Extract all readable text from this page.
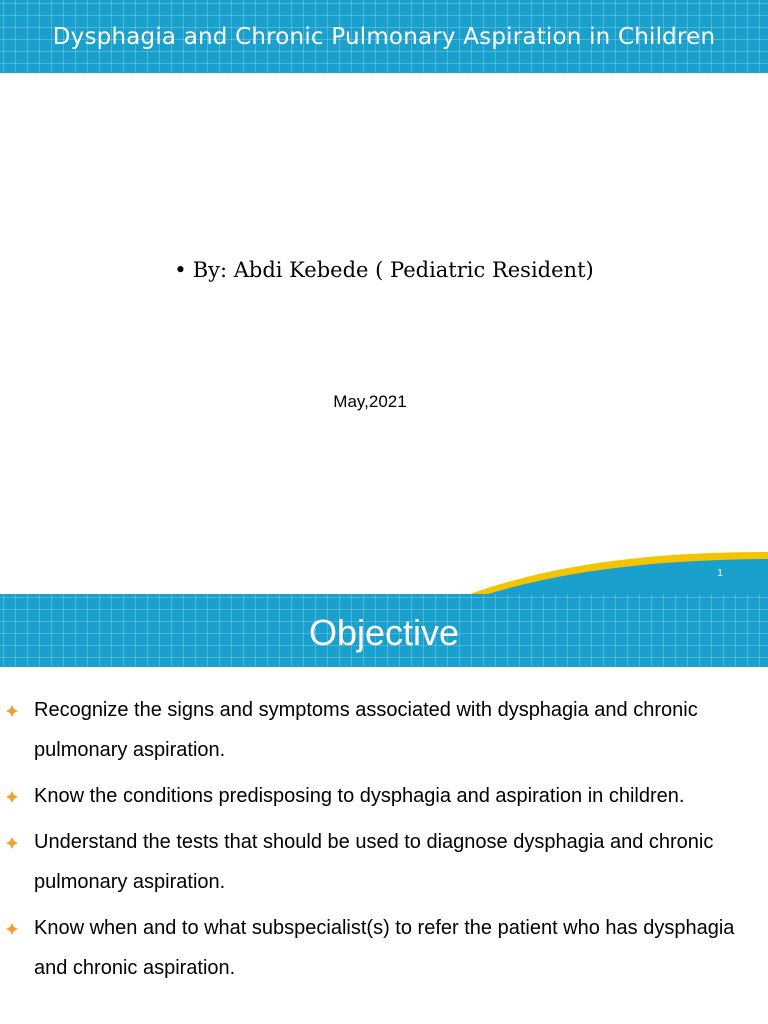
Dysphagia and Chronic Pulmonary Aspiration in Children
• By: Abdi Kebede ( Pediatric Resident)
May,2021
1
Objective
Recognize the signs and symptoms associated with dysphagia and chronic pulmonary aspiration.
Know the conditions predisposing to dysphagia and aspiration in children.
Understand the tests that should be used to diagnose dysphagia and chronic pulmonary aspiration.
Know when and to what subspecialist(s) to refer the patient who has dysphagia and chronic aspiration.
